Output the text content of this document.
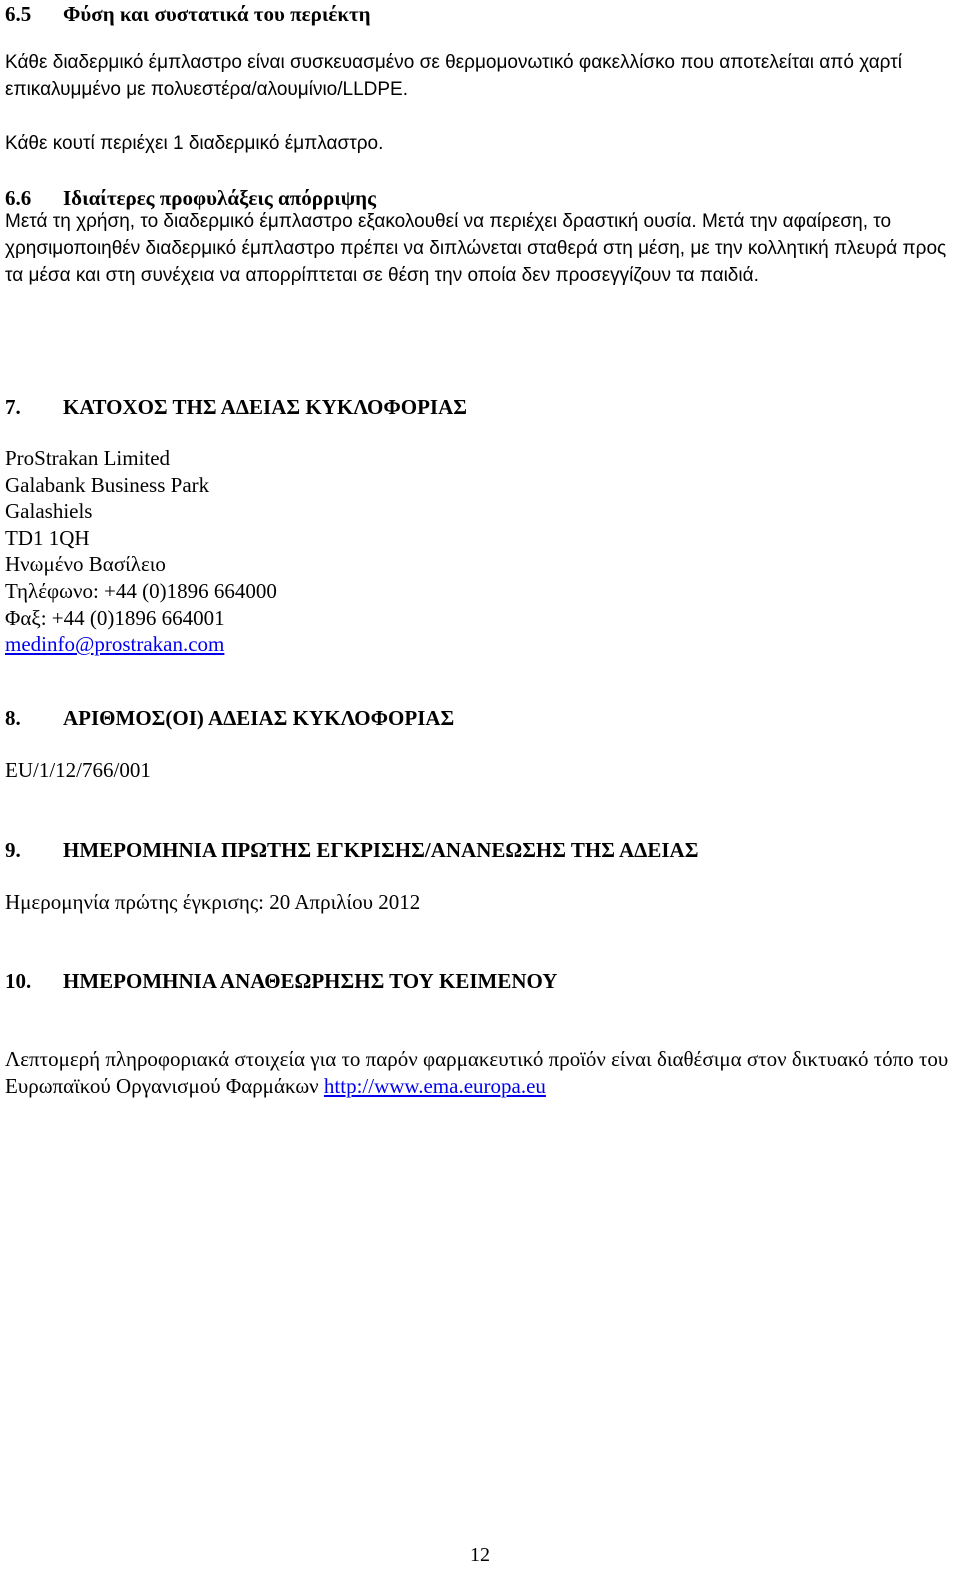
6.5 Φύση και συστατικά του περιέκτη

Κάθε διαδερμικό έμπλαστρο είναι συσκευασμένο σε θερμομονωτικό φακελλίσκο που αποτελείται από χαρτί επικαλυμμένο με πολυεστέρα/αλουμίνιο/LLDPE.

Κάθε κουτί περιέχει 1 διαδερμικό έμπλαστρο.

6.6 Ιδιαίτερες προφυλάξεις απόρριψης

Μετά τη χρήση, το διαδερμικό έμπλαστρο εξακολουθεί να περιέχει δραστική ουσία. Μετά την αφαίρεση, το χρησιμοποιηθέν διαδερμικό έμπλαστρο πρέπει να διπλώνεται σταθερά στη μέση, με την κολλητική πλευρά προς τα μέσα και στη συνέχεια να απορρίπτεται σε θέση την οποία δεν προσεγγίζουν τα παιδιά.

7. ΚΑΤΟΧΟΣ ΤΗΣ ΑΔΕΙΑΣ ΚΥΚΛΟΦΟΡΙΑΣ
ProStrakan Limited
Galabank Business Park
Galashiels
TD1 1QH
Ηνωμένο Βασίλειο
Τηλέφωνο: +44 (0)1896 664000
Φαξ: +44 (0)1896 664001
medinfo@prostrakan.com
8. ΑΡΙΘΜΟΣ(ΟΙ) ΑΔΕΙΑΣ ΚΥΚΛΟΦΟΡΙΑΣ

EU/1/12/766/001

9. ΗΜΕΡΟΜΗΝΙΑ ΠΡΩΤΗΣ ΕΓΚΡΙΣΗΣ/ΑΝΑΝΕΩΣΗΣ ΤΗΣ ΑΔΕΙΑΣ

Ημερομηνία πρώτης έγκρισης: 20 Απριλίου 2012

10. ΗΜΕΡΟΜΗΝΙΑ ΑΝΑΘΕΩΡΗΣΗΣ ΤΟΥ ΚΕΙΜΕΝΟΥ

Λεπτομερή πληροφοριακά στοιχεία για το παρόν φαρμακευτικό προϊόν είναι διαθέσιμα στον δικτυακό τόπο του Ευρωπαϊκού Οργανισμού Φαρμάκων http://www.ema.europa.eu

12
